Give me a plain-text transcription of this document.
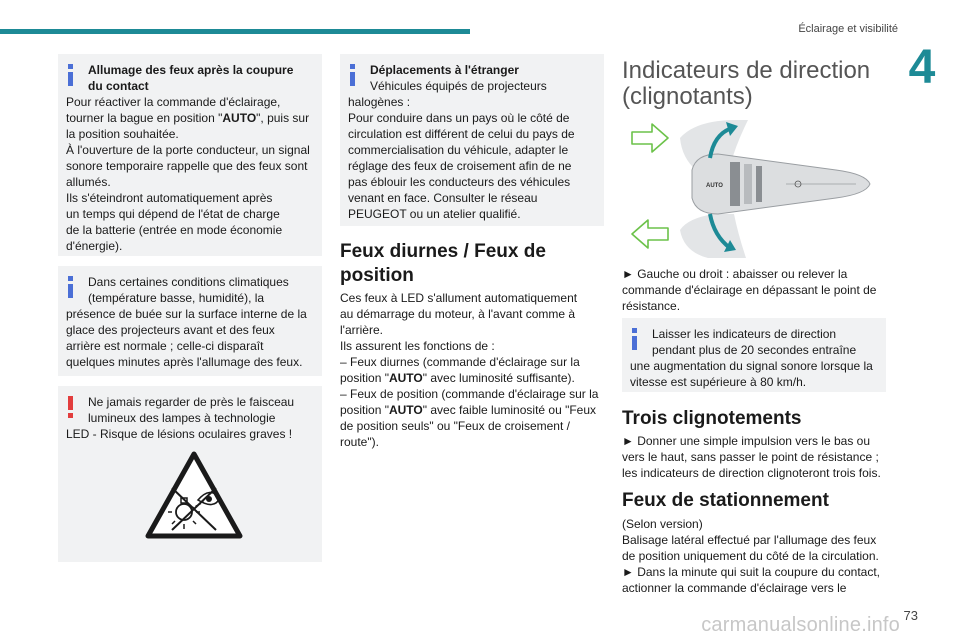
Éclairage et visibilité
4

Allumage des feux après la coupure

du contact

Pour réactiver la commande d'éclairage,

tourner la bague en position "AUTO", puis sur

la position souhaitée.

À l'ouverture de la porte conducteur, un signal

sonore temporaire rappelle que des feux sont

allumés.

Ils s'éteindront automatiquement après

un temps qui dépend de l'état de charge

de la batterie (entrée en mode économie

d'énergie).

Dans certaines conditions climatiques

(température basse, humidité), la

présence de buée sur la surface interne de la

glace des projecteurs avant et des feux

arrière est normale ; celle-ci disparaît

quelques minutes après l'allumage des feux.

Ne jamais regarder de près le faisceau

lumineux des lampes à technologie

LED - Risque de lésions oculaires graves !

Déplacements à l'étranger

Véhicules équipés de projecteurs

halogènes :

Pour conduire dans un pays où le côté de

circulation est différent de celui du pays de

commercialisation du véhicule, adapter le

réglage des feux de croisement afin de ne

pas éblouir les conducteurs des véhicules

venant en face. Consulter le réseau

PEUGEOT ou un atelier qualifié.

Feux diurnes / Feux de
position

Ces feux à LED s'allument automatiquement

au démarrage du moteur, à l'avant comme à

l'arrière.

Ils assurent les fonctions de :

– Feux diurnes (commande d'éclairage sur la

position "AUTO" avec luminosité suffisante).

– Feux de position (commande d'éclairage sur la

position "AUTO" avec faible luminosité ou "Feux

de position seuls" ou "Feux de croisement /

route").

Indicateurs de direction
(clignotants)
AUTO

► Gauche ou droit : abaisser ou relever la

commande d'éclairage en dépassant le point de

résistance.

Laisser les indicateurs de direction

pendant plus de 20 secondes entraîne

une augmentation du signal sonore lorsque la

vitesse est supérieure à 80 km/h.

Trois clignotements

► Donner une simple impulsion vers le bas ou

vers le haut, sans passer le point de résistance ;

les indicateurs de direction clignoteront trois fois.

Feux de stationnement

(Selon version)

Balisage latéral effectué par l'allumage des feux

de position uniquement du côté de la circulation.

► Dans la minute qui suit la coupure du contact,

actionner la commande d'éclairage vers le

73
carmanualsonline.info
